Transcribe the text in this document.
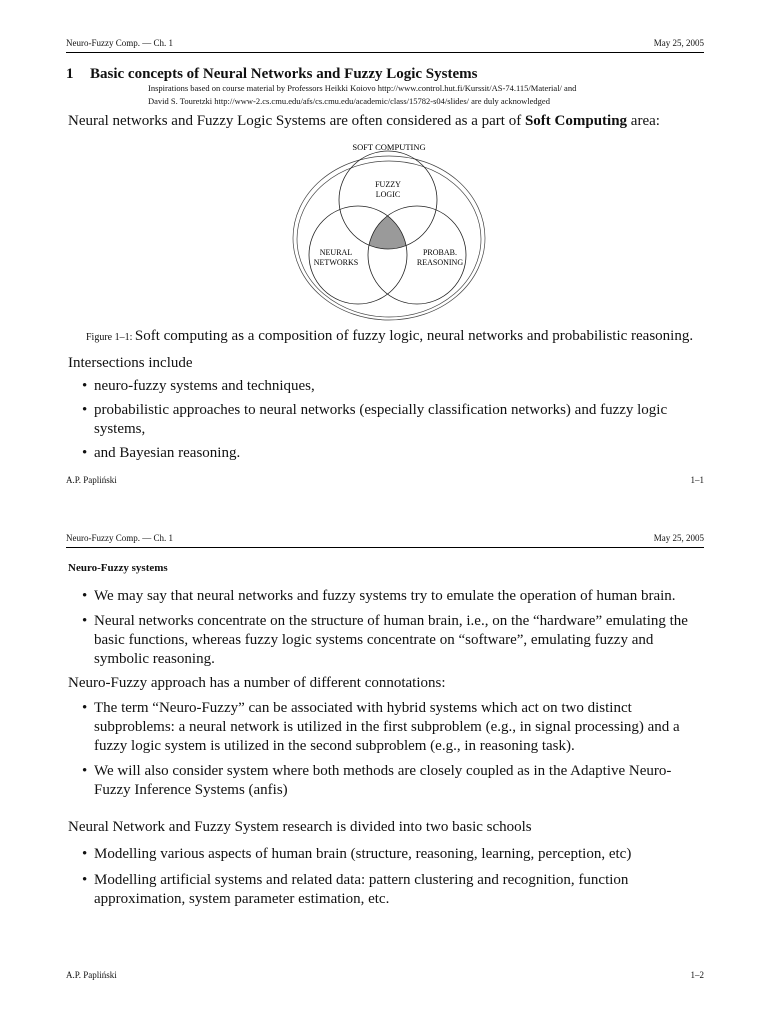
Neuro-Fuzzy Comp. — Ch. 1	May 25, 2005
1 Basic concepts of Neural Networks and Fuzzy Logic Systems
Inspirations based on course material by Professors Heikki Koiovo http://www.control.hut.fi/Kurssit/AS-74.115/Material/ and
David S. Touretzki http://www-2.cs.cmu.edu/afs/cs.cmu.edu/academic/class/15782-s04/slides/ are duly acknowledged
Neural networks and Fuzzy Logic Systems are often considered as a part of Soft Computing area:
SOFT COMPUTING
FUZZY
LOGIC
NEURAL
NETWORKS
PROBAB.
REASONING
Figure 1–1: Soft computing as a composition of fuzzy logic, neural networks and probabilistic reasoning.
Intersections include
• neuro-fuzzy systems and techniques,
• probabilistic approaches to neural networks (especially classification networks) and fuzzy logic systems,
• and Bayesian reasoning.
A.P. Papliński	1–1
Neuro-Fuzzy Comp. — Ch. 1	May 25, 2005
Neuro-Fuzzy systems
• We may say that neural networks and fuzzy systems try to emulate the operation of human brain.
• Neural networks concentrate on the structure of human brain, i.e., on the “hardware” emulating the basic functions, whereas fuzzy logic systems concentrate on “software”, emulating fuzzy and symbolic reasoning.
Neuro-Fuzzy approach has a number of different connotations:
• The term “Neuro-Fuzzy” can be associated with hybrid systems which act on two distinct subproblems: a neural network is utilized in the first subproblem (e.g., in signal processing) and a fuzzy logic system is utilized in the second subproblem (e.g., in reasoning task).
• We will also consider system where both methods are closely coupled as in the Adaptive Neuro-Fuzzy Inference Systems (anfis)
Neural Network and Fuzzy System research is divided into two basic schools
• Modelling various aspects of human brain (structure, reasoning, learning, perception, etc)
• Modelling artificial systems and related data: pattern clustering and recognition, function approximation, system parameter estimation, etc.
A.P. Papliński	1–2
